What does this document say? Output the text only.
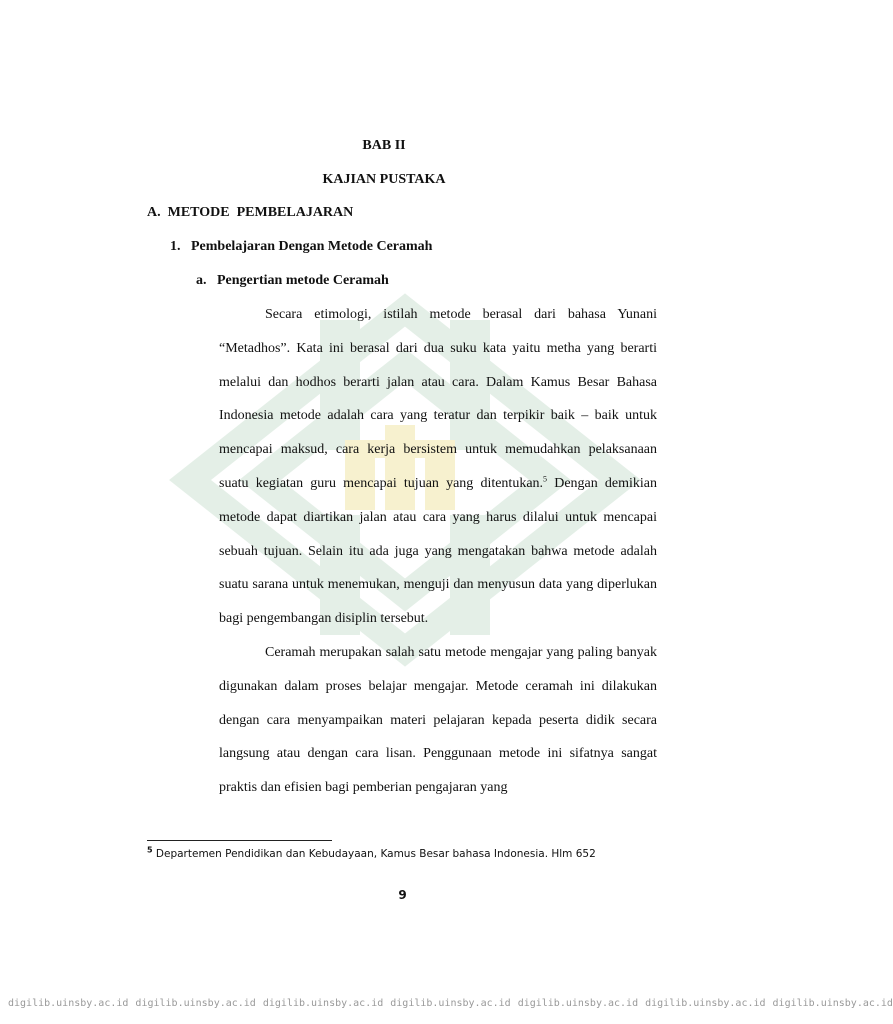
BAB II
KAJIAN PUSTAKA
A.  METODE  PEMBELAJARAN
1.   Pembelajaran Dengan Metode Ceramah
a.   Pengertian metode Ceramah

Secara etimologi, istilah metode berasal dari bahasa Yunani “Metadhos”. Kata ini berasal dari dua suku kata yaitu metha yang berarti melalui dan hodhos berarti jalan atau cara. Dalam Kamus Besar Bahasa Indonesia metode adalah cara yang teratur dan terpikir baik – baik untuk mencapai maksud, cara kerja bersistem untuk memudahkan pelaksanaan suatu kegiatan guru mencapai tujuan yang ditentukan.$^5$ Dengan demikian metode dapat diartikan jalan atau cara yang harus dilalui untuk mencapai sebuah tujuan. Selain itu ada juga yang mengatakan bahwa metode adalah suatu sarana untuk menemukan, menguji dan menyusun data yang diperlukan bagi pengembangan disiplin tersebut.

Ceramah merupakan salah satu metode mengajar yang paling banyak digunakan dalam proses belajar mengajar. Metode ceramah ini dilakukan dengan cara menyampaikan materi pelajaran kepada peserta didik secara langsung atau dengan cara lisan. Penggunaan metode ini sifatnya sangat praktis dan efisien bagi pemberian pengajaran yang

$^5$ Departemen Pendidikan dan Kebudayaan, Kamus Besar bahasa Indonesia. Hlm 652
9
digilib.uinsby.ac.id digilib.uinsby.ac.id digilib.uinsby.ac.id digilib.uinsby.ac.id digilib.uinsby.ac.id digilib.uinsby.ac.id digilib.uinsby.ac.id
